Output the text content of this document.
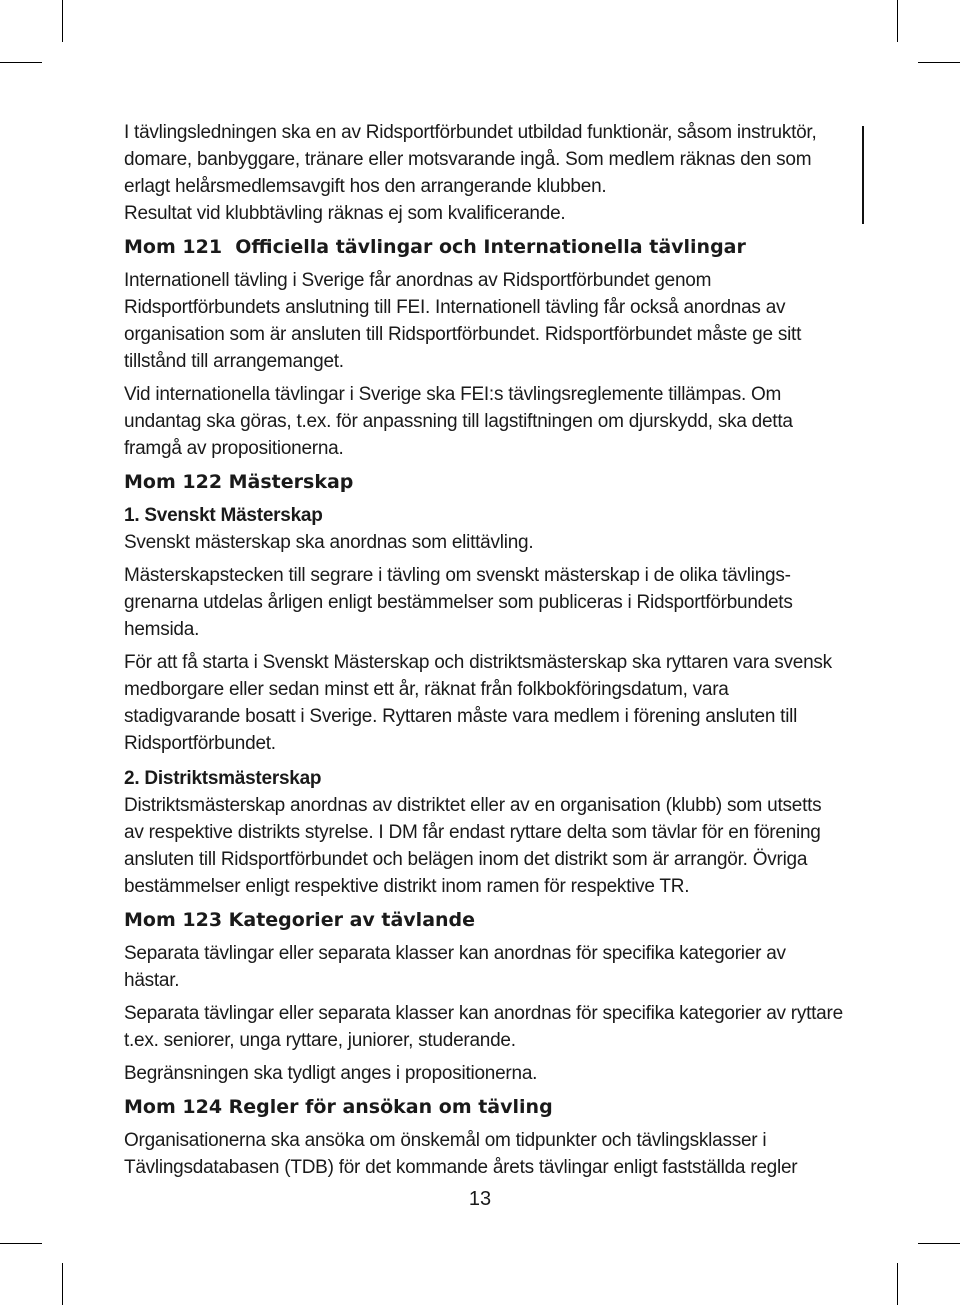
I tävlingsledningen ska en av Ridsportförbundet utbildad funktionär, såsom instruktör, domare, banbyggare, tränare eller motsvarande ingå. Som medlem räknas den som erlagt helårsmedlemsavgift hos den arrangerande klubben.

Resultat vid klubbtävling räknas ej som kvalificerande.

Mom 121  Officiella tävlingar och Internationella tävlingar

Internationell tävling i Sverige får anordnas av Ridsportförbundet genom Ridsportförbundets anslutning till FEI. Internationell tävling får också anordnas av organisation som är ansluten till Ridsportförbundet. Ridsportförbundet måste ge sitt tillstånd till arrangemanget.

Vid internationella tävlingar i Sverige ska FEI:s tävlingsreglemente tillämpas. Om undantag ska göras, t.ex. för anpassning till lagstiftningen om djurskydd, ska detta framgå av propositionerna.

Mom 122 Mästerskap
1. Svenskt Mästerskap

Svenskt mästerskap ska anordnas som elittävling.

Mästerskapstecken till segrare i tävling om svenskt mästerskap i de olika tävlingsgrenarna utdelas årligen enligt bestämmelser som publiceras i Ridsportförbundets hemsida.

För att få starta i Svenskt Mästerskap och distriktsmästerskap ska ryttaren vara svensk medborgare eller sedan minst ett år, räknat från folkbokföringsdatum, vara stadigvarande bosatt i Sverige. Ryttaren måste vara medlem i förening ansluten till Ridsportförbundet.

2. Distriktsmästerskap

Distriktsmästerskap anordnas av distriktet eller av en organisation (klubb) som utsetts av respektive distrikts styrelse. I DM får endast ryttare delta som tävlar för en förening ansluten till Ridsportförbundet och belägen inom det distrikt som är arrangör. Övriga bestämmelser enligt respektive distrikt inom ramen för respektive TR.

Mom 123 Kategorier av tävlande

Separata tävlingar eller separata klasser kan anordnas för specifika kategorier av hästar.

Separata tävlingar eller separata klasser kan anordnas för specifika kategorier av ryttare t.ex. seniorer, unga ryttare, juniorer, studerande.

Begränsningen ska tydligt anges i propositionerna.

Mom 124 Regler för ansökan om tävling

Organisationerna ska ansöka om önskemål om tidpunkter och tävlingsklasser i Tävlingsdatabasen (TDB) för det kommande årets tävlingar enligt fastställda regler

13
